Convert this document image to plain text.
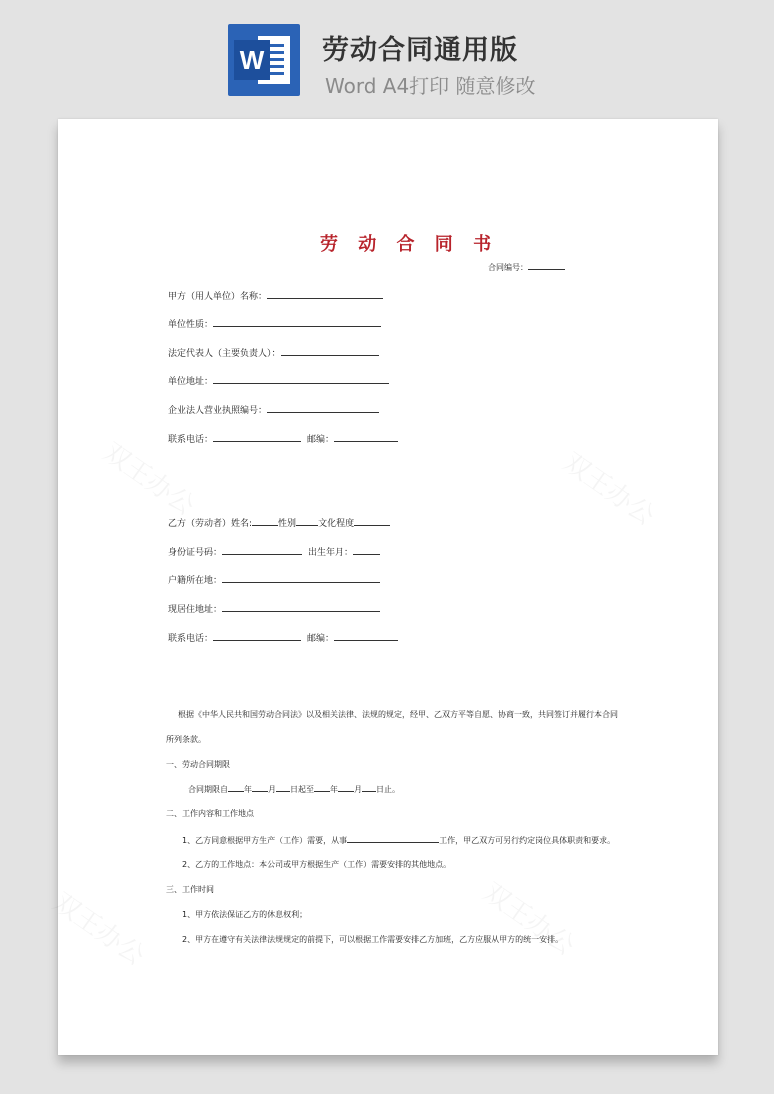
W 劳动合同通用版
Word A4打印 随意修改
劳 动 合 同 书
合同编号：
甲方（用人单位）名称：
单位性质：
法定代表人（主要负责人）：
单位地址：
企业法人营业执照编号：
联系电话：	邮编：
乙方（劳动者）姓名:	性别 文化程度
身份证号码：	出生年月：
户籍所在地：
现居住地址：
联系电话：	邮编：
根据《中华人民共和国劳动合同法》以及相关法律、法规的规定，经甲、乙双方平等自愿、协商一致，共同签订并履行本合同
所列条款。
一、劳动合同期限
合同期限自 年 月 日起至 年 月 日止。
二、工作内容和工作地点
1、乙方同意根据甲方生产（工作）需要，从事	工作，甲乙双方可另行约定岗位具体职责和要求。
2、乙方的工作地点：本公司或甲方根据生产（工作）需要安排的其他地点。
三、工作时间
1、甲方依法保证乙方的休息权利；
2、甲方在遵守有关法律法规规定的前提下，可以根据工作需要安排乙方加班，乙方应服从甲方的统一安排。
